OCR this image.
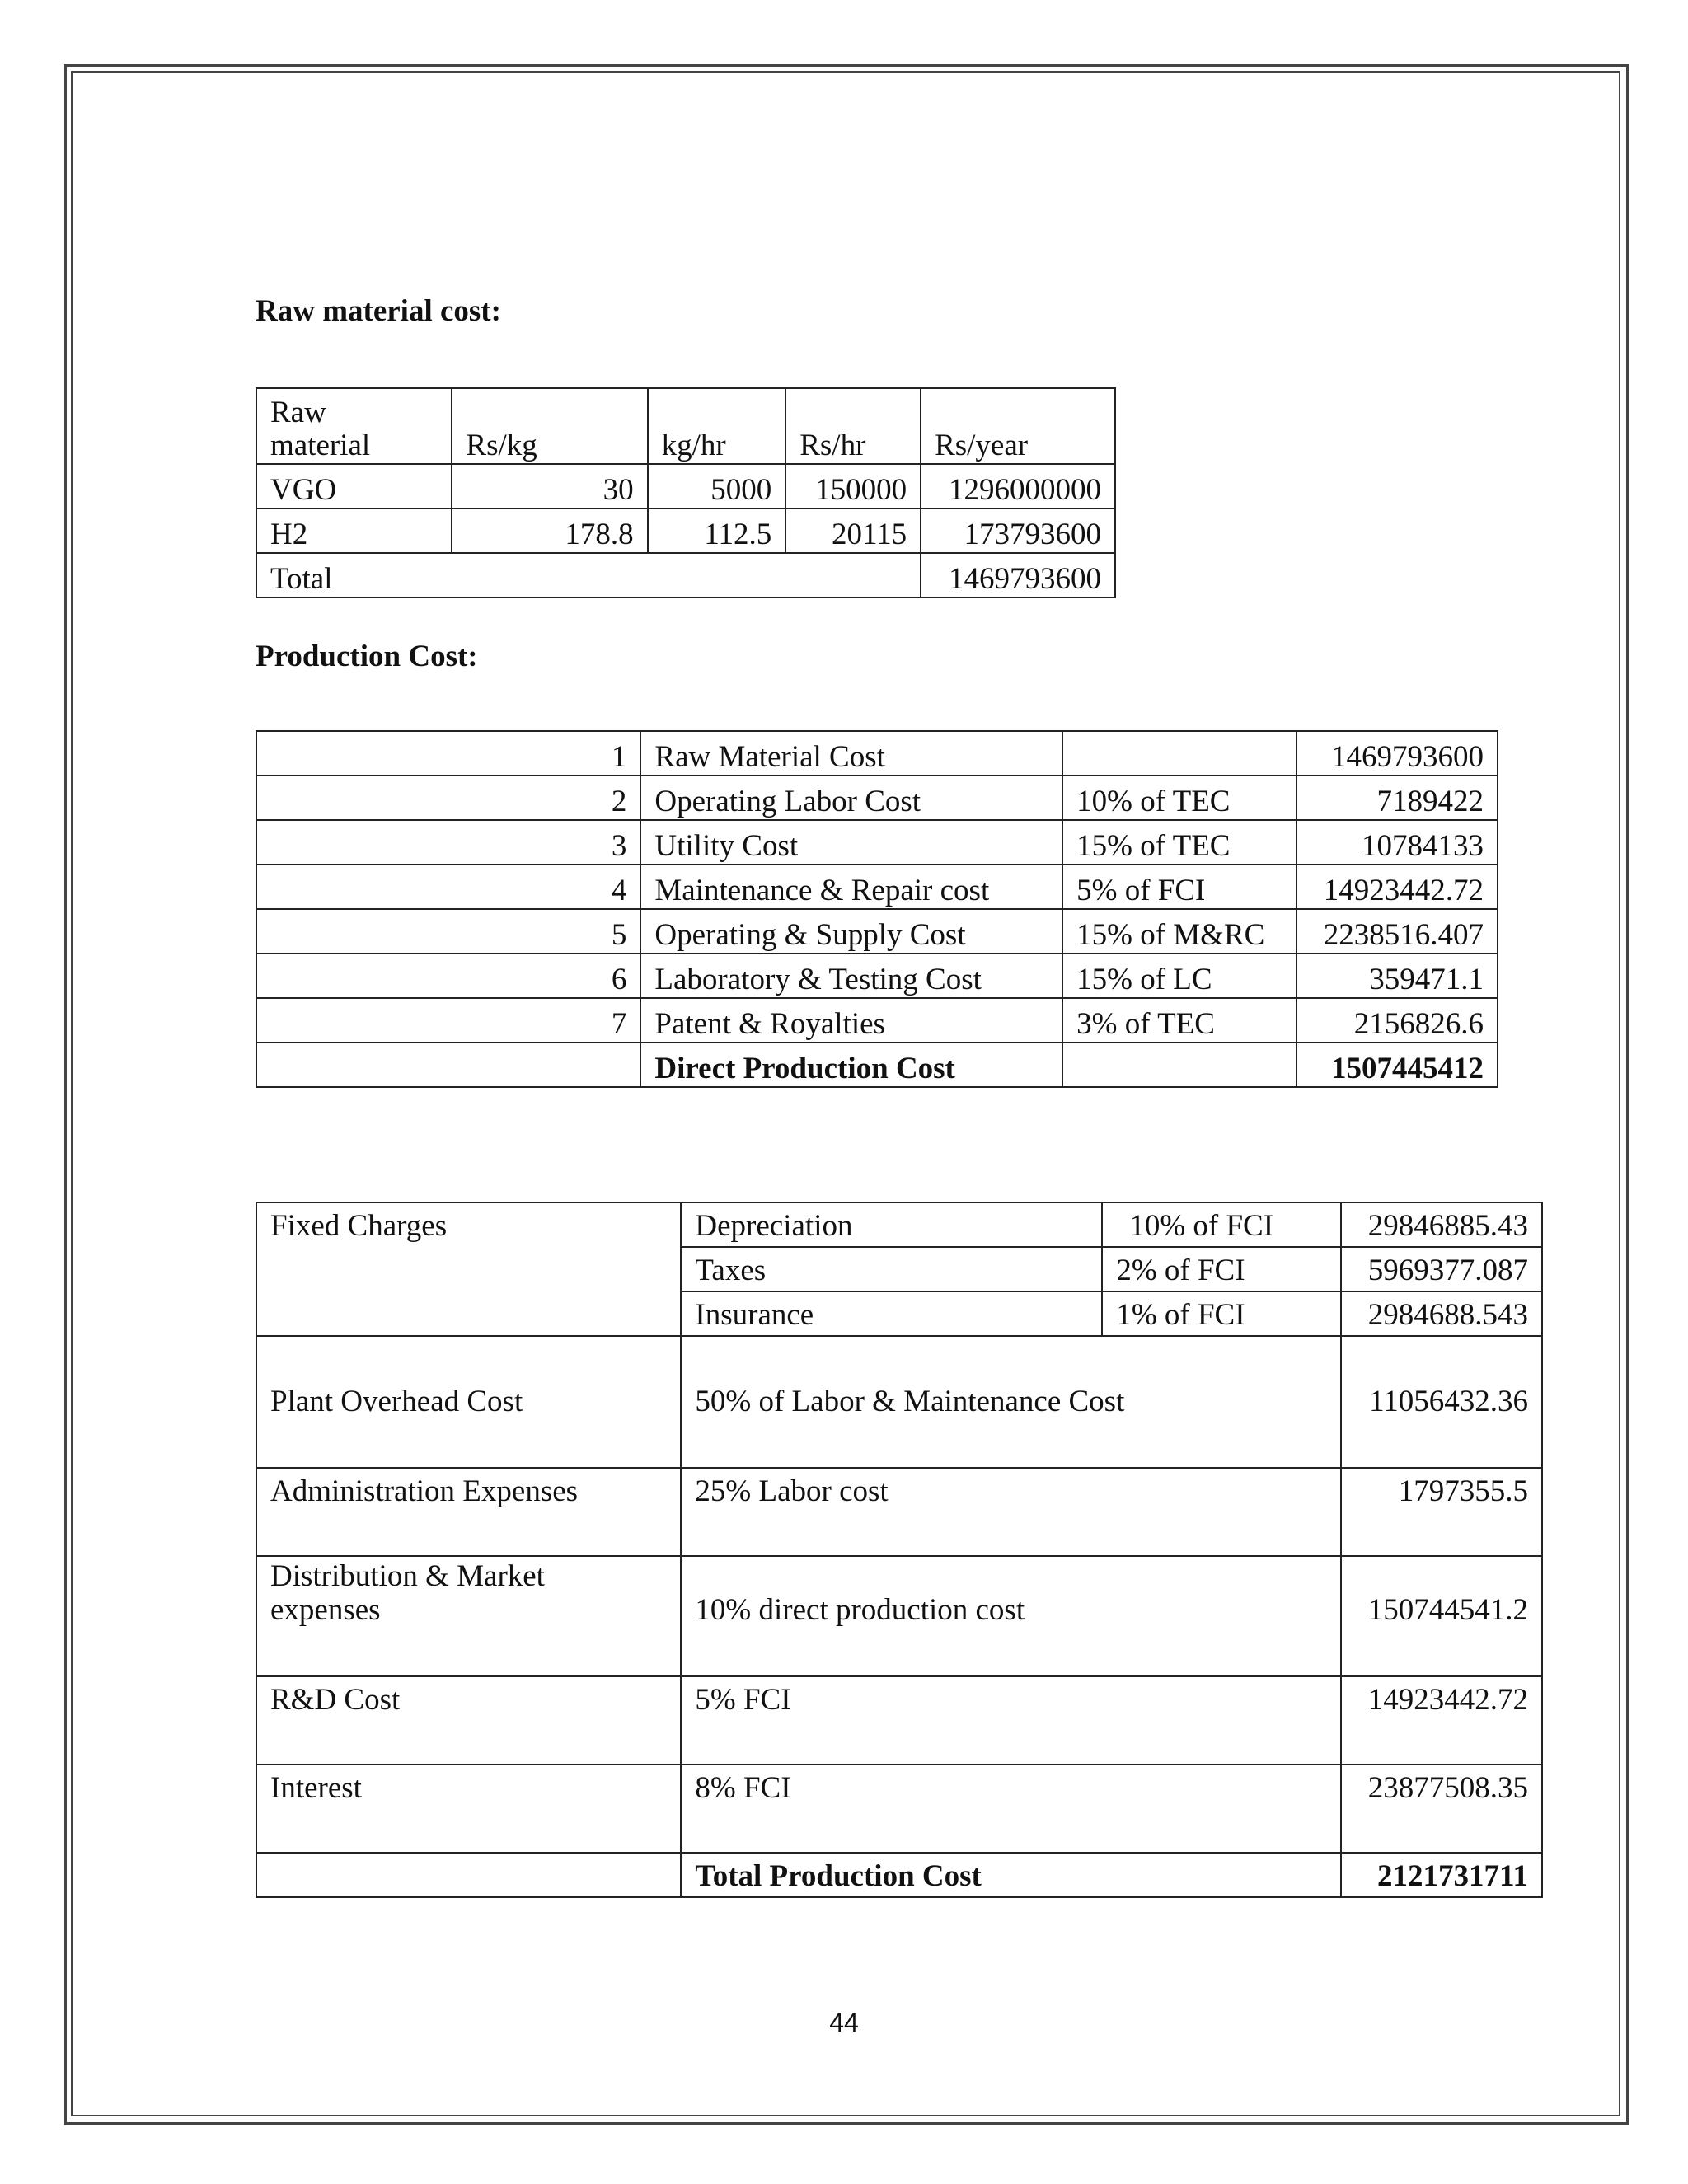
Raw material cost:
Raw
material	Rs/kg	kg/hr	Rs/hr	Rs/year
VGO	30	5000	150000	1296000000
H2	178.8	112.5	20115	173793600
Total				1469793600
Production Cost:
1	Raw Material Cost		1469793600
2	Operating Labor Cost	10% of TEC	7189422
3	Utility Cost	15% of TEC	10784133
4	Maintenance & Repair cost	5% of FCI	14923442.72
5	Operating & Supply Cost	15% of M&RC	2238516.407
6	Laboratory & Testing Cost	15% of LC	359471.1
7	Patent & Royalties	3% of TEC	2156826.6
	Direct Production Cost		1507445412
Fixed Charges	Depreciation	10% of FCI	29846885.43
	Taxes	2% of FCI	5969377.087
	Insurance	1% of FCI	2984688.543
Plant Overhead Cost	50% of Labor & Maintenance Cost		11056432.36
Administration Expenses	25% Labor cost		1797355.5
Distribution & Market
expenses	10% direct production cost		150744541.2
R&D Cost	5% FCI		14923442.72
Interest	8% FCI		23877508.35
	Total Production Cost		2121731711
44
